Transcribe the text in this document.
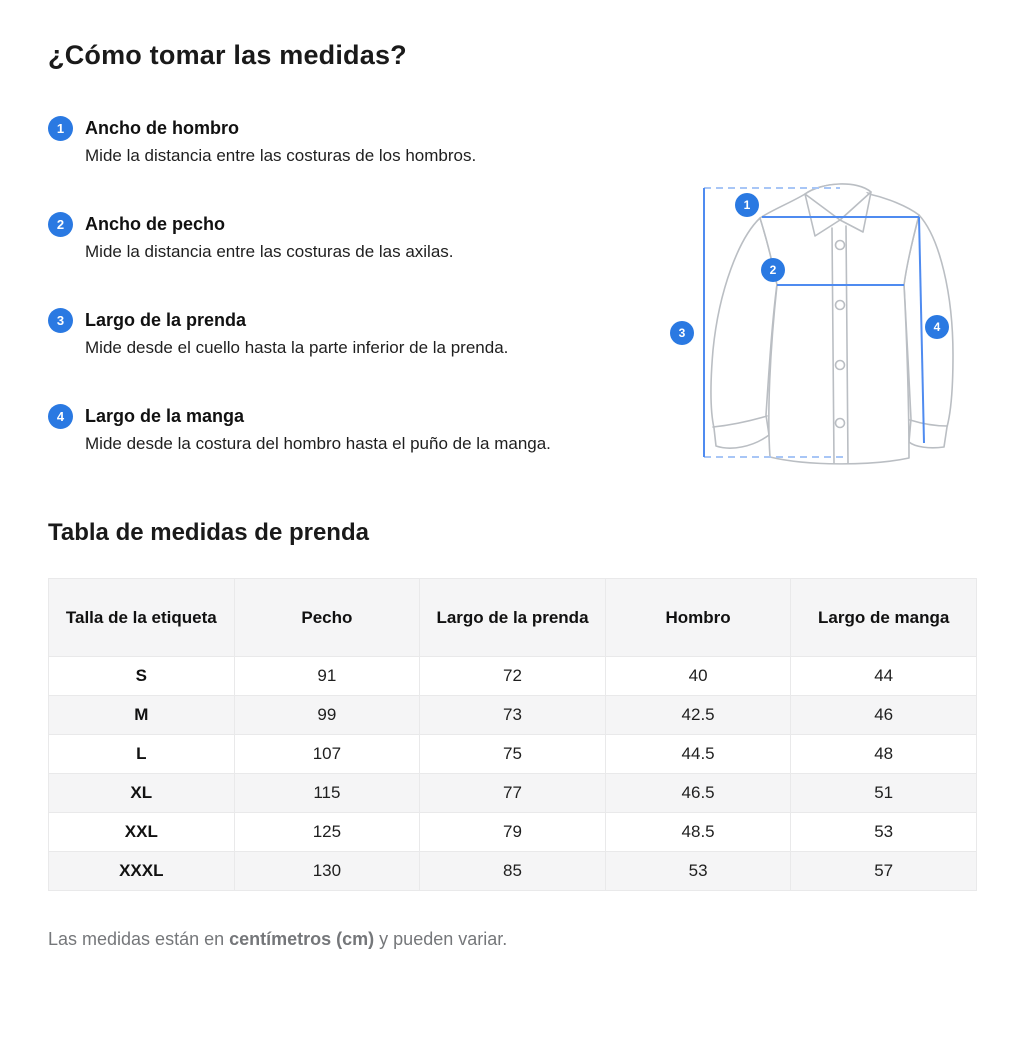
¿Cómo tomar las medidas?
1	Ancho de hombro
Mide la distancia entre las costuras de los hombros.
2	Ancho de pecho
Mide la distancia entre las costuras de las axilas.
3	Largo de la prenda
Mide desde el cuello hasta la parte inferior de la prenda.
4	Largo de la manga
Mide desde la costura del hombro hasta el puño de la manga.
1
2
3	4
Tabla de medidas de prenda
Talla de la etiqueta	Pecho	Largo de la prenda	Hombro	Largo de manga
S	91	72	40	44
M	99	73	42.5	46
L	107	75	44.5	48
XL	115	77	46.5	51
XXL	125	79	48.5	53
XXXL	130	85	53	57

Las medidas están en centímetros (cm) y pueden variar.
